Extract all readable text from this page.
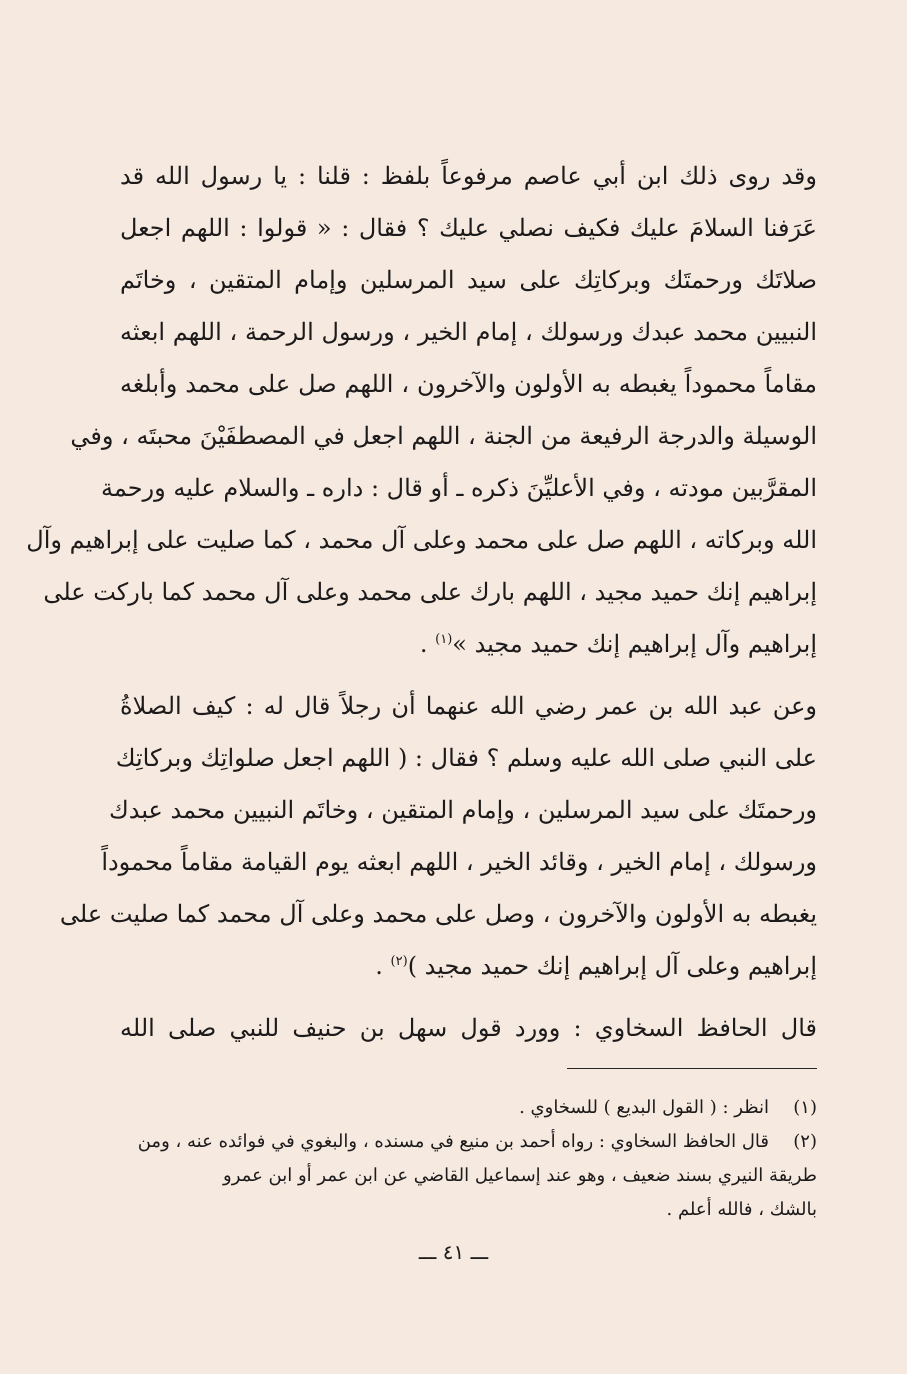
وقد روى ذلك ابن أبي عاصم مرفوعاً بلفظ : قلنا : يا رسول الله قد
عَرَفنا السلامَ عليك فكيف نصلي عليك ؟ فقال : « قولوا : اللهم اجعل
صلاتَك ورحمتَك وبركاتِك على سيد المرسلين وإمام المتقين ، وخاتَم
النبيين محمد عبدك ورسولك ، إمام الخير ، ورسول الرحمة ، اللهم ابعثه
مقاماً محموداً يغبطه به الأولون والآخرون ، اللهم صل على محمد وأبلغه
الوسيلة والدرجة الرفيعة من الجنة ، اللهم اجعل في المصطفَيْنَ محبتَه ، وفي
المقرَّبين مودته ، وفي الأعليِّنَ ذكره ـ أو قال : داره ـ والسلام عليه ورحمة
الله وبركاته ، اللهم صل على محمد وعلى آل محمد ، كما صليت على إبراهيم وآل
إبراهيم إنك حميد مجيد ، اللهم بارك على محمد وعلى آل محمد كما باركت على
إبراهيم وآل إبراهيم إنك حميد مجيد »$^{(١)}$ .
وعن عبد الله بن عمر رضي الله عنهما أن رجلاً قال له : كيف الصلاةُ
على النبي صلى الله عليه وسلم ؟ فقال : ( اللهم اجعل صلواتِك وبركاتِك
ورحمتَك على سيد المرسلين ، وإمام المتقين ، وخاتَم النبيين محمد عبدك
ورسولك ، إمام الخير ، وقائد الخير ، اللهم ابعثه يوم القيامة مقاماً محموداً
يغبطه به الأولون والآخرون ، وصل على محمد وعلى آل محمد كما صليت على
إبراهيم وعلى آل إبراهيم إنك حميد مجيد )$^{(٢)}$ .
قال الحافظ السخاوي : وورد قول سهل بن حنيف للنبي صلى الله
(١)
انظر : ( القول البديع ) للسخاوي .
(٢)
قال الحافظ السخاوي : رواه أحمد بن منيع في مسنده ، والبغوي في فوائده عنه ، ومن
طريقة النيري بسند ضعيف ، وهو عند إسماعيل القاضي عن ابن عمر أو ابن عمرو
بالشك ، فالله أعلم .
ـــ ٤١ ـــ
